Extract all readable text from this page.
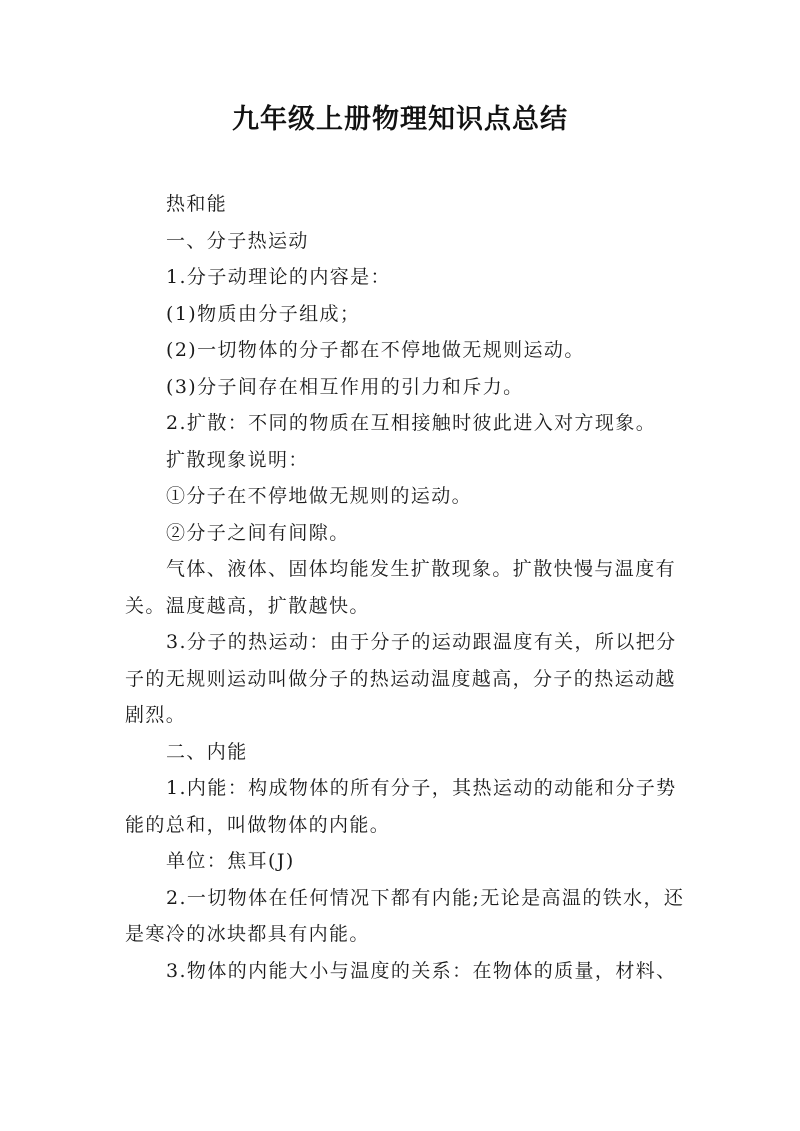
九年级上册物理知识点总结

热和能

一、分子热运动

1.分子动理论的内容是：

(1)物质由分子组成；

(2)一切物体的分子都在不停地做无规则运动。

(3)分子间存在相互作用的引力和斥力。

2.扩散：不同的物质在互相接触时彼此进入对方现象。

扩散现象说明：

①分子在不停地做无规则的运动。

②分子之间有间隙。

气体、液体、固体均能发生扩散现象。扩散快慢与温度有关。温度越高，扩散越快。

3.分子的热运动：由于分子的运动跟温度有关，所以把分子的无规则运动叫做分子的热运动温度越高，分子的热运动越剧烈。

二、内能

1.内能：构成物体的所有分子，其热运动的动能和分子势能的总和，叫做物体的内能。

单位：焦耳(J)

2.一切物体在任何情况下都有内能;无论是高温的铁水，还是寒冷的冰块都具有内能。

3.物体的内能大小与温度的关系：在物体的质量，材料、
